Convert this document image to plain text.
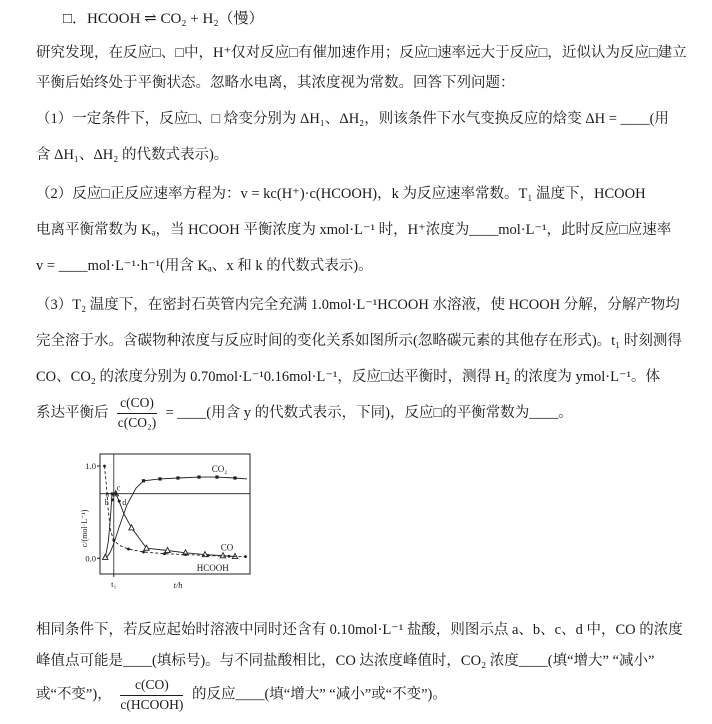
□．HCOOH ⇌ CO₂ + H₂（慢）
研究发现，在反应□、□中，H⁺仅对反应□有催加速作用；反应□速率远大于反应□，近似认为反应□建立
平衡后始终处于平衡状态。忽略水电离，其浓度视为常数。回答下列问题：
（1）一定条件下，反应□、□ 焓变分别为 ΔH₁、ΔH₂，则该条件下水气变换反应的焓变 ΔH = ____(用
含 ΔH₁、ΔH₂ 的代数式表示)。
（2）反应□正反应速率方程为：v = kc(H⁺)·c(HCOOH)，k 为反应速率常数。T₁ 温度下，HCOOH
电离平衡常数为 Kₐ，当 HCOOH 平衡浓度为 xmol·L⁻¹ 时，H⁺浓度为____mol·L⁻¹，此时反应□应速率
v = ____mol·L⁻¹·h⁻¹(用含 Kₐ、x 和 k 的代数式表示)。
（3）T₂ 温度下，在密封石英管内完全充满 1.0mol·L⁻¹HCOOH 水溶液，使 HCOOH 分解，分解产物均
完全溶于水。含碳物种浓度与反应时间的变化关系如图所示(忽略碳元素的其他存在形式)。t₁ 时刻测得
CO、CO₂ 的浓度分别为 0.70mol·L⁻¹0.16mol·L⁻¹，反应□达平衡时，测得 H₂ 的浓度为 ymol·L⁻¹。体
系达平衡后 $\frac{c(CO)}{\text{c(CO₂)}}$ = ____(用含 y 的代数式表示，下同)，反应□的平衡常数为____。
1.0
0.0
t₁	t/h
c/(mol·L⁻¹)
CO₂
CO
HCOOH
a
b
c
d
相同条件下，若反应起始时溶液中同时还含有 0.10mol·L⁻¹ 盐酸，则图示点 a、b、c、d 中，CO 的浓度
峰值点可能是____(填标号)。与不同盐酸相比，CO 达浓度峰值时，CO₂ 浓度____(填“增大” “减小”
或“不变”)， $\frac{c(CO)}{\text{c(HCOOH)}}$ 的反应____(填“增大” “减小”或“不变”)。
